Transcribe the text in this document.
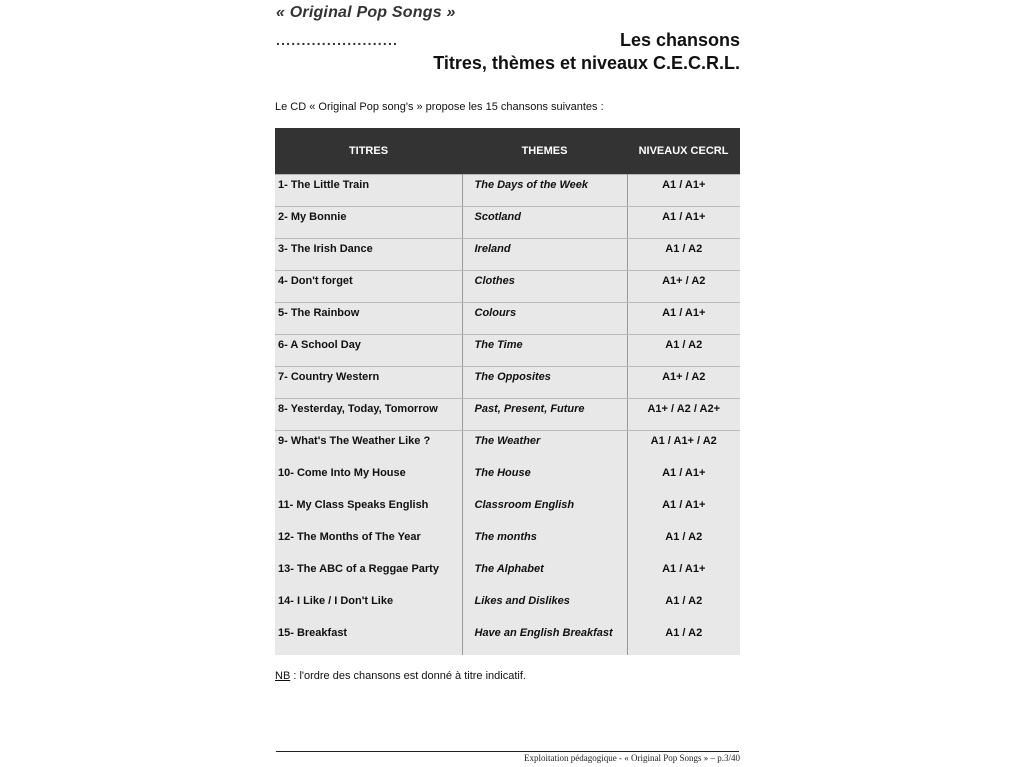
« Original Pop Songs »
........................	Les chansons
Titres, thèmes et niveaux C.E.C.R.L.
Le CD « Original Pop song's » propose les 15 chansons suivantes :
TITRES	THEMES	NIVEAUX CECRL
1- The Little Train	The Days of the Week	A1 / A1+
2- My Bonnie	Scotland	A1 / A1+
3- The Irish Dance	Ireland	A1 / A2
4- Don't forget	Clothes	A1+ / A2
5- The Rainbow	Colours	A1 / A1+
6- A School Day	The Time	A1 / A2
7- Country Western	The Opposites	A1+ / A2
8- Yesterday, Today, Tomorrow	Past, Present, Future	A1+ / A2 / A2+
9- What's The Weather Like ?	The Weather	A1 / A1+ / A2
10- Come Into My House	The House	A1 / A1+
11- My Class Speaks English	Classroom English	A1 / A1+
12- The Months of The Year	The months	A1 / A2
13- The ABC of a Reggae Party	The Alphabet	A1 / A1+
14- I Like / I Don't Like	Likes and Dislikes	A1 / A2
15- Breakfast	Have an English Breakfast	A1 / A2
NB : l'ordre des chansons est donné à titre indicatif.
Exploitation pédagogique - « Original Pop Songs » – p.3/40
